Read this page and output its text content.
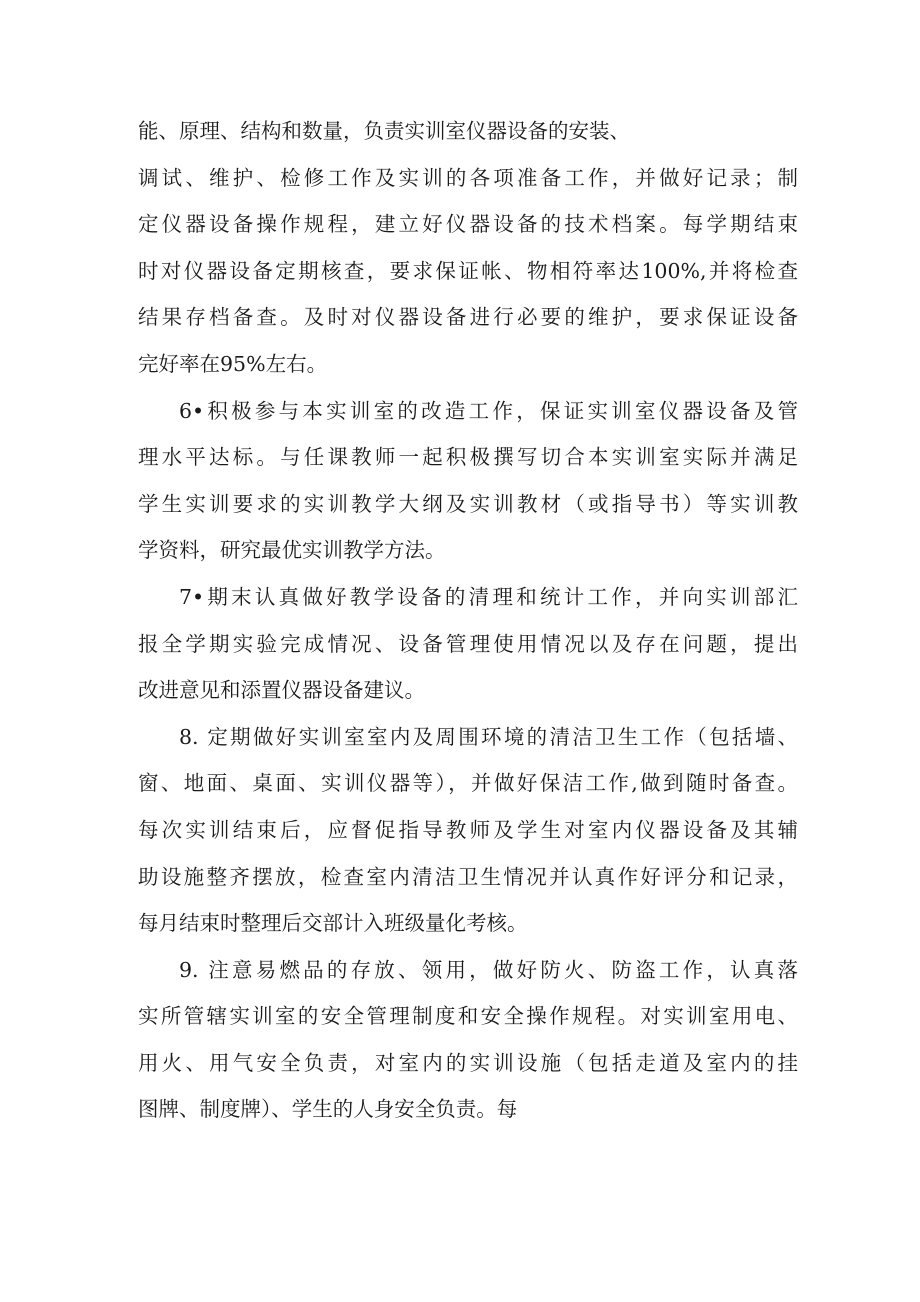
能、原理、结构和数量，负责实训室仪器设备的安装、
调试、维护、检修工作及实训的各项准备工作，并做好记录；制
定仪器设备操作规程，建立好仪器设备的技术档案。每学期结束
时对仪器设备定期核查，要求保证帐、物相符率达100%,并将检查
结果存档备查。及时对仪器设备进行必要的维护，要求保证设备
完好率在95%左右。
6•积极参与本实训室的改造工作，保证实训室仪器设备及管
理水平达标。与任课教师一起积极撰写切合本实训室实际并满足
学生实训要求的实训教学大纲及实训教材（或指导书）等实训教
学资料，研究最优实训教学方法。
7•期末认真做好教学设备的清理和统计工作，并向实训部汇
报全学期实验完成情况、设备管理使用情况以及存在问题，提出
改进意见和添置仪器设备建议。
8. 定期做好实训室室内及周围环境的清洁卫生工作（包括墙、
窗、地面、桌面、实训仪器等），并做好保洁工作,做到随时备查。
每次实训结束后，应督促指导教师及学生对室内仪器设备及其辅
助设施整齐摆放，检查室内清洁卫生情况并认真作好评分和记录，
每月结束时整理后交部计入班级量化考核。
9. 注意易燃品的存放、领用，做好防火、防盗工作，认真落
实所管辖实训室的安全管理制度和安全操作规程。对实训室用电、
用火、用气安全负责，对室内的实训设施（包括走道及室内的挂
图牌、制度牌）、学生的人身安全负责。每
